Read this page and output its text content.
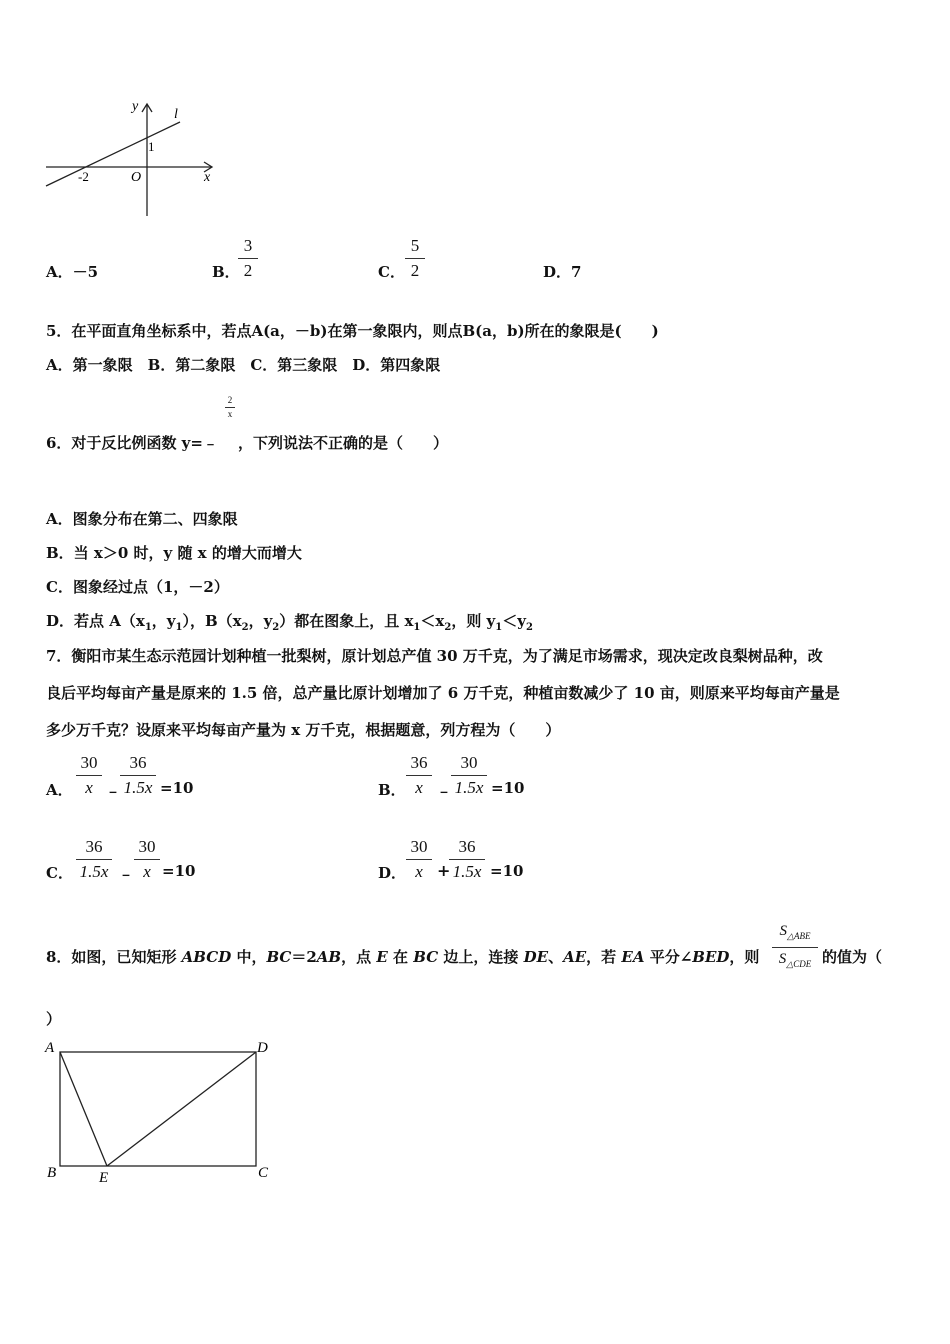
y
l
1
-2	O	x
A．－5	B．
3
2	C．
5
2	D．7
5．在平面直角坐标系中，若点A(a，－b)在第一象限内，则点B(a，b)所在的象限是(　　)
A．第一象限　B．第二象限　C．第三象限　D．第四象限
6．对于反比例函数 y=﹣
2
x
，下列说法不正确的是（　　）
A．图象分布在第二、四象限
B．当 x＞0 时，y 随 x 的增大而增大
C．图象经过点（1，－2）
D．若点 $A(x_1$，$y_1$），$B(x_2$，$y_2$）都在图象上，且 $x_1<x_2$，则 $y_1<y_2$
7．衡阳市某生态示范园计划种植一批梨树，原计划总产值 30 万千克，为了满足市场需求，现决定改良梨树品种，改
良后平均每亩产量是原来的 1.5 倍，总产量比原计划增加了 6 万千克，种植亩数减少了 10 亩，则原来平均每亩产量是
多少万千克？设原来平均每亩产量为 x 万千克，根据题意，列方程为（　　）
A．
30
x ﹣
36
1.5x =10	B．
36
x ﹣
30
1.5x =10
C．
36
1.5x ﹣
30
x =10	D．
30
x +
36
1.5x =10
8．如图，已知矩形 ABCD 中，BC＝2AB，点 E 在 BC 边上，连接 DE、AE，若 EA 平分∠BED，则
$S_{\triangle ABE}$
$S_{\triangle CDE}$ 的值为（
）
A	D
B	E	C
